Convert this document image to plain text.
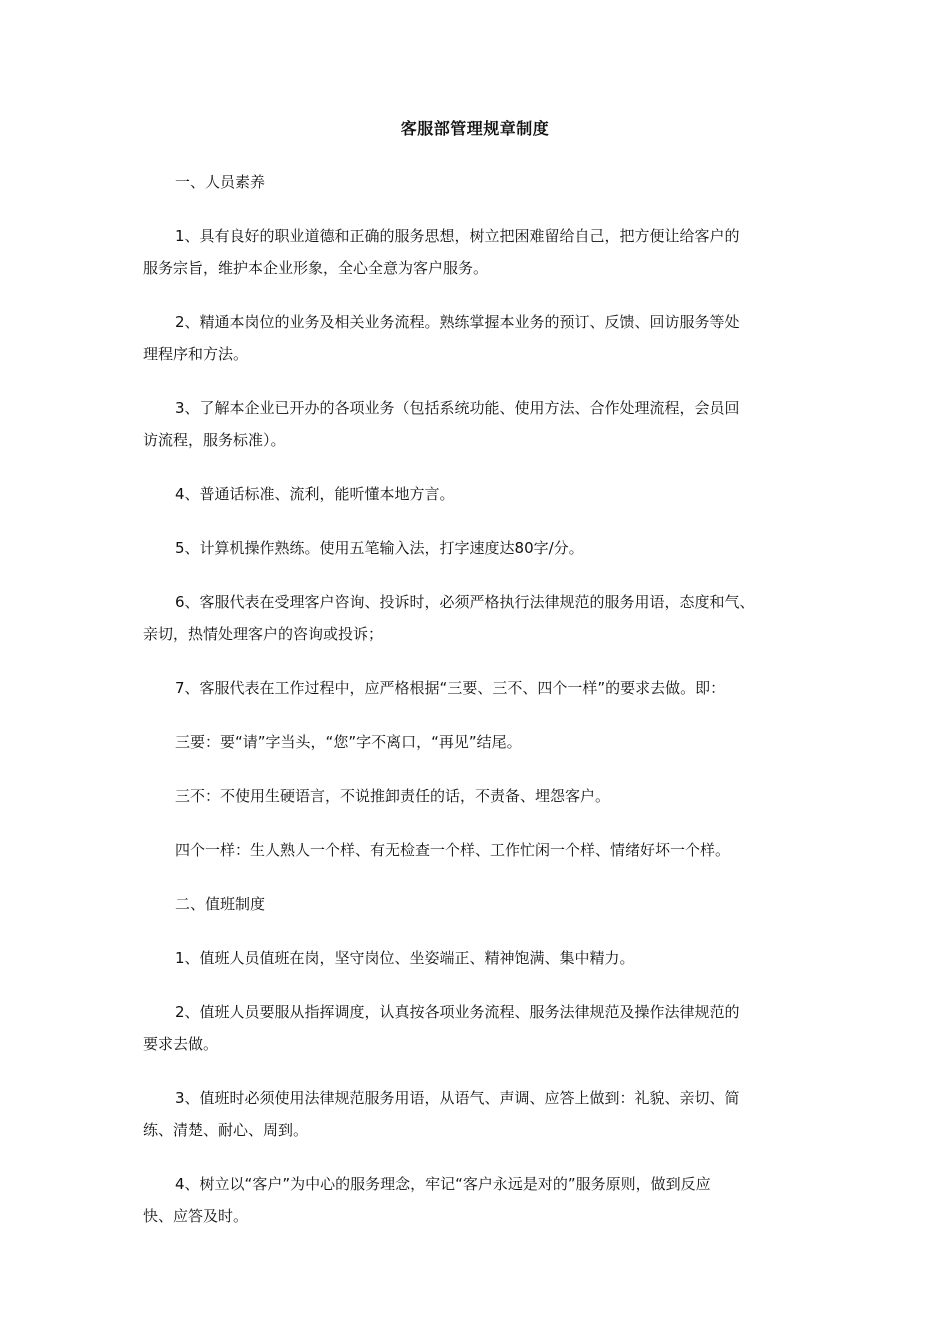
客服部管理规章制度
一、人员素养
1、具有良好的职业道德和正确的服务思想，树立把困难留给自己，把方便让给客户的
服务宗旨，维护本企业形象，全心全意为客户服务。
2、精通本岗位的业务及相关业务流程。熟练掌握本业务的预订、反馈、回访服务等处
理程序和方法。
3、了解本企业已开办的各项业务（包括系统功能、使用方法、合作处理流程，会员回
访流程，服务标准）。
4、普通话标准、流利，能听懂本地方言。
5、计算机操作熟练。使用五笔输入法，打字速度达80字/分。
6、客服代表在受理客户咨询、投诉时，必须严格执行法律规范的服务用语，态度和气、
亲切，热情处理客户的咨询或投诉；
7、客服代表在工作过程中，应严格根据“三要、三不、四个一样”的要求去做。即：
三要：要“请”字当头，“您”字不离口，“再见”结尾。
三不：不使用生硬语言，不说推卸责任的话，不责备、埋怨客户。
四个一样：生人熟人一个样、有无检查一个样、工作忙闲一个样、情绪好坏一个样。
二、值班制度
1、值班人员值班在岗，坚守岗位、坐姿端正、精神饱满、集中精力。
2、值班人员要服从指挥调度，认真按各项业务流程、服务法律规范及操作法律规范的
要求去做。
3、值班时必须使用法律规范服务用语，从语气、声调、应答上做到：礼貌、亲切、简
练、清楚、耐心、周到。
4、树立以“客户”为中心的服务理念，牢记“客户永远是对的”服务原则，做到反应
快、应答及时。
